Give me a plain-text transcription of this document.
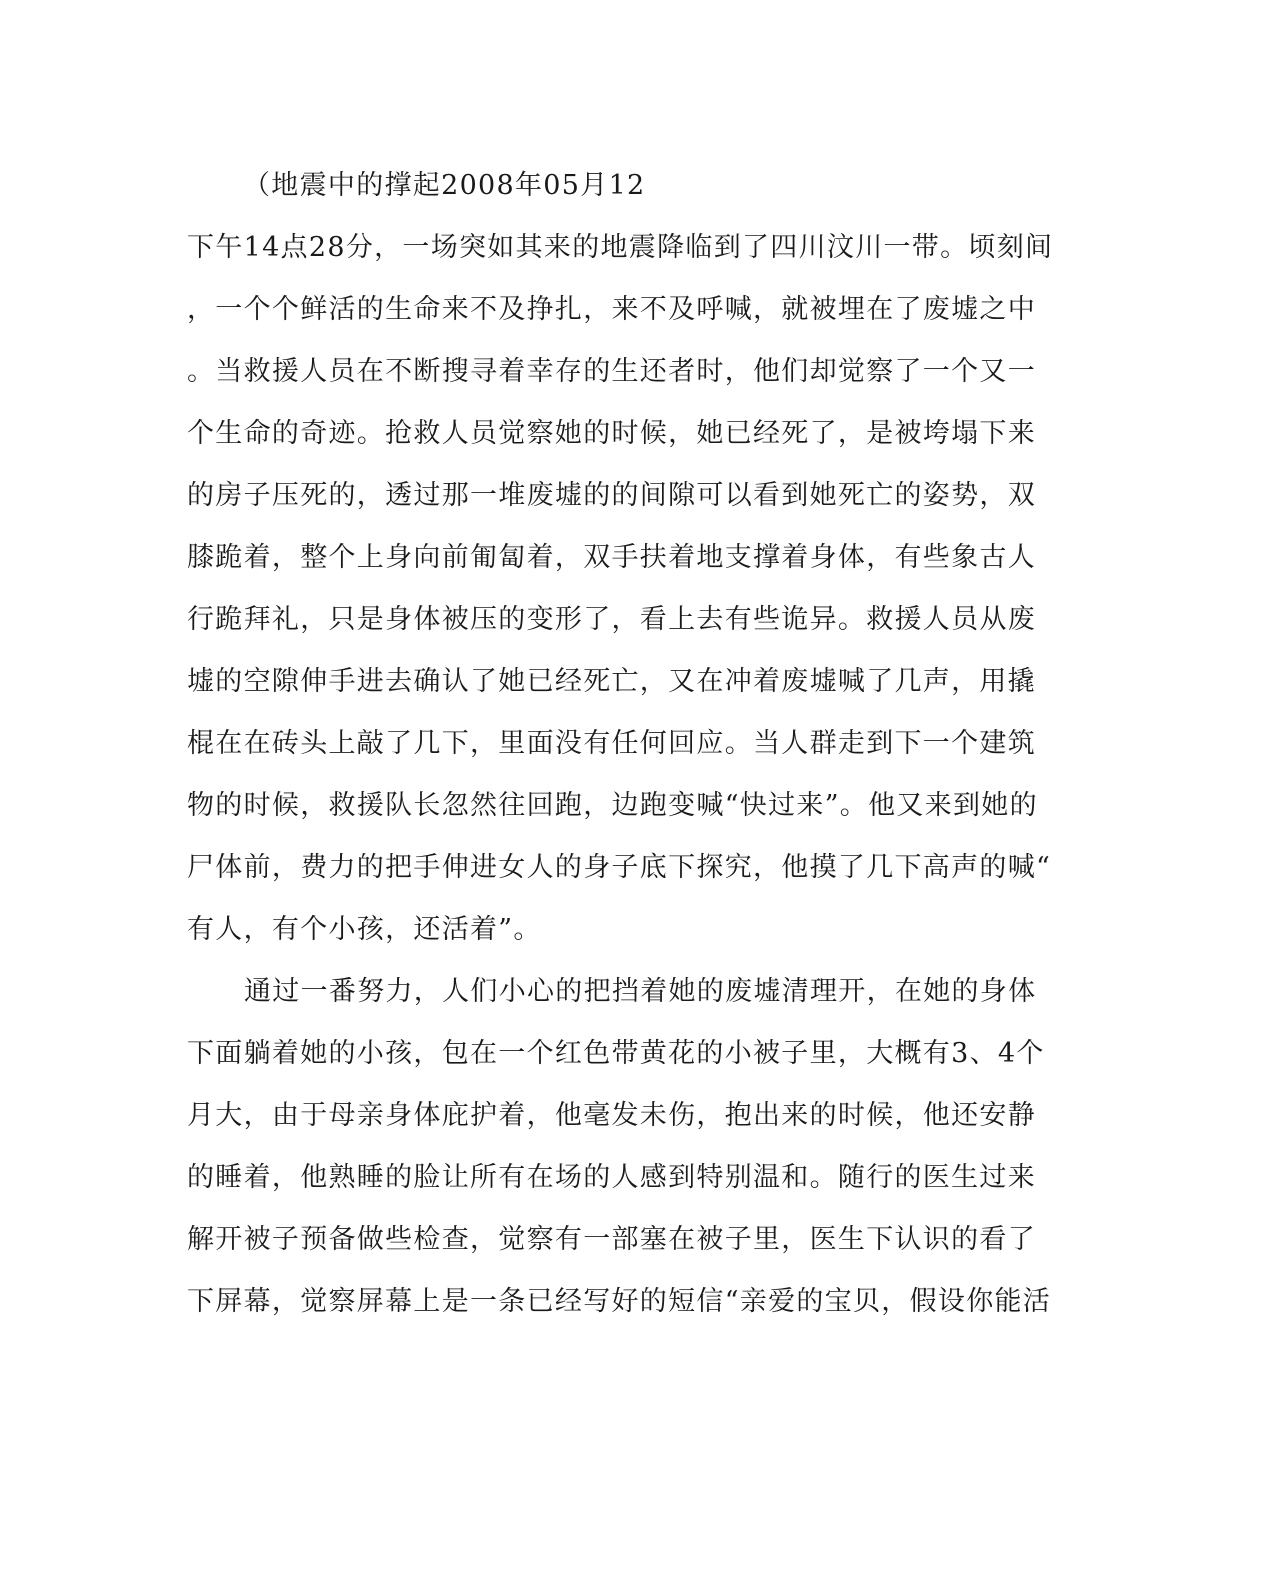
（地震中的撑起2008年05月12
下午14点28分，一场突如其来的地震降临到了四川汶川一带。顷刻间
，一个个鲜活的生命来不及挣扎，来不及呼喊，就被埋在了废墟之中
。当救援人员在不断搜寻着幸存的生还者时，他们却觉察了一个又一
个生命的奇迹。抢救人员觉察她的时候，她已经死了，是被垮塌下来
的房子压死的，透过那一堆废墟的的间隙可以看到她死亡的姿势，双
膝跪着，整个上身向前匍匐着，双手扶着地支撑着身体，有些象古人
行跪拜礼，只是身体被压的变形了，看上去有些诡异。救援人员从废
墟的空隙伸手进去确认了她已经死亡，又在冲着废墟喊了几声，用撬
棍在在砖头上敲了几下，里面没有任何回应。当人群走到下一个建筑
物的时候，救援队长忽然往回跑，边跑变喊“快过来”。他又来到她的
尸体前，费力的把手伸进女人的身子底下探究，他摸了几下高声的喊“
有人，有个小孩，还活着”。
通过一番努力，人们小心的把挡着她的废墟清理开，在她的身体
下面躺着她的小孩，包在一个红色带黄花的小被子里，大概有3、4个
月大，由于母亲身体庇护着，他毫发未伤，抱出来的时候，他还安静
的睡着，他熟睡的脸让所有在场的人感到特别温和。随行的医生过来
解开被子预备做些检查，觉察有一部塞在被子里，医生下认识的看了
下屏幕，觉察屏幕上是一条已经写好的短信“亲爱的宝贝，假设你能活
